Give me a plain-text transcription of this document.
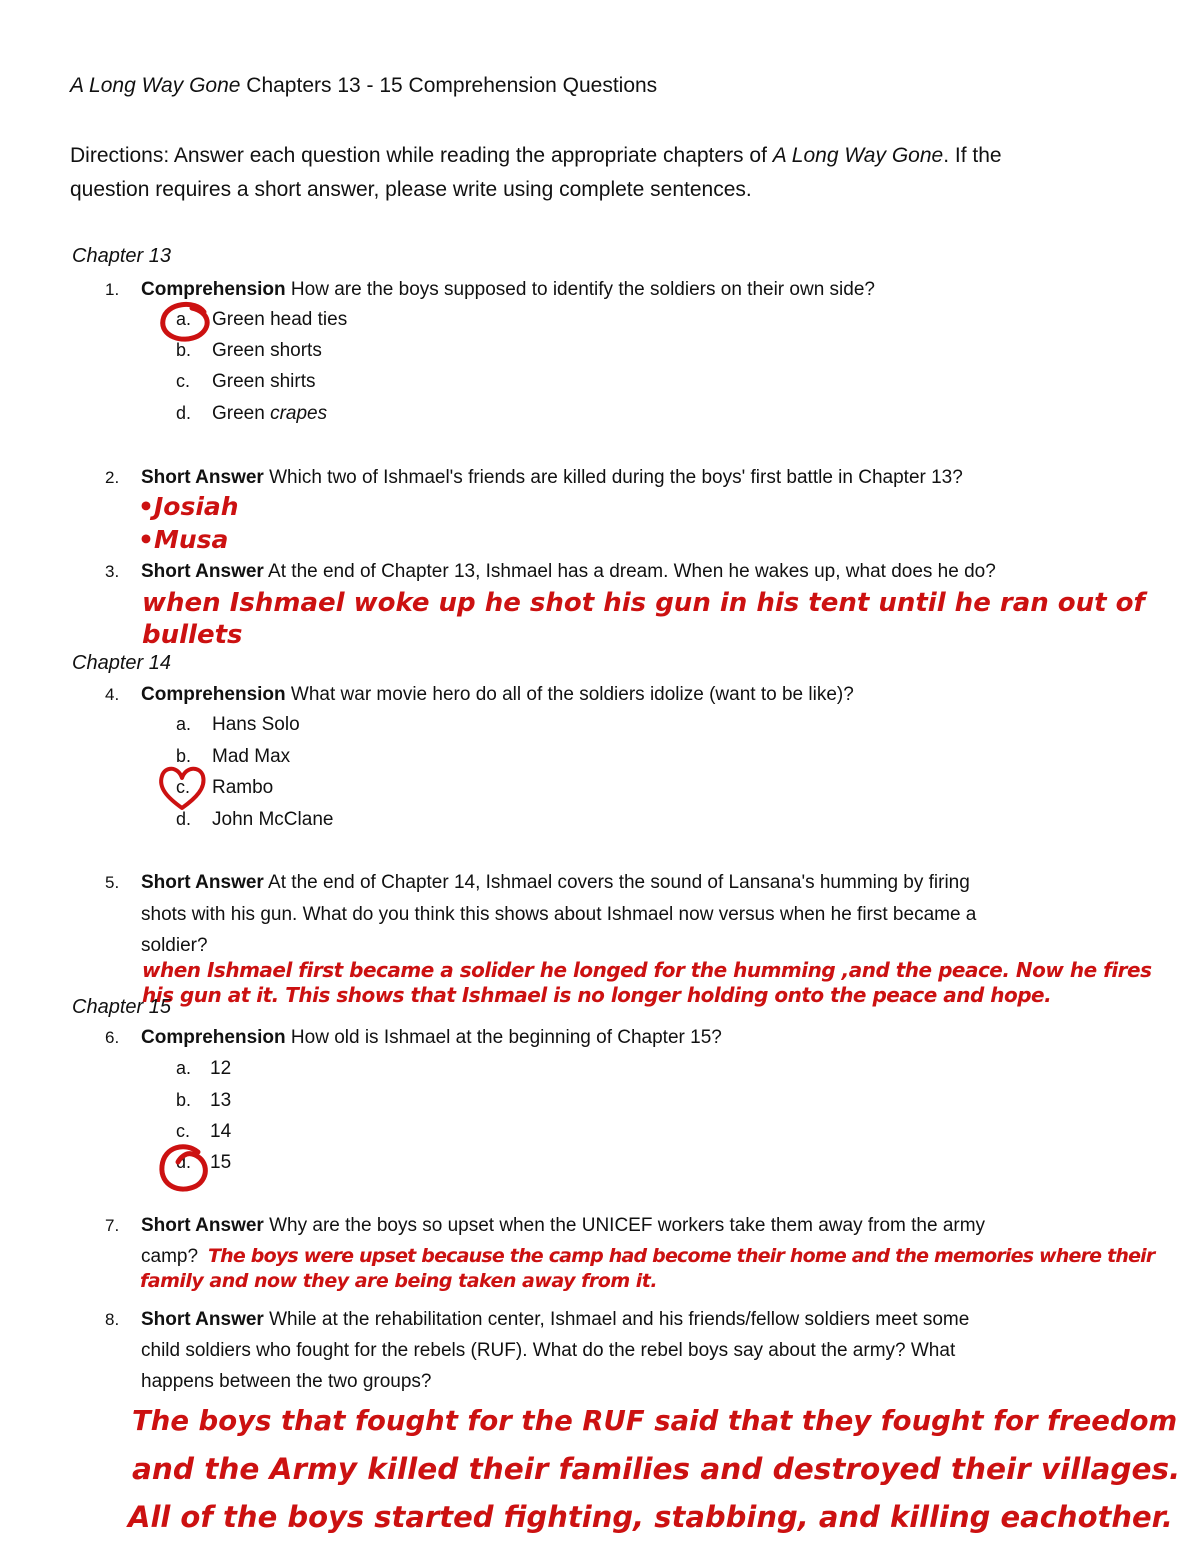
A Long Way Gone Chapters 13 - 15 Comprehension Questions
Directions: Answer each question while reading the appropriate chapters of A Long Way Gone. If the
question requires a short answer, please write using complete sentences.
Chapter 13
1. Comprehension How are the boys supposed to identify the soldiers on their own side?
a. Green head ties
b. Green shorts
c. Green shirts
d. Green crapes
2. Short Answer Which two of Ishmael's friends are killed during the boys' first battle in Chapter 13?
•Josiah
•Musa
3. Short Answer At the end of Chapter 13, Ishmael has a dream. When he wakes up, what does he do?
when Ishmael woke up he shot his gun in his tent until he ran out of
bullets
Chapter 14
4. Comprehension What war movie hero do all of the soldiers idolize (want to be like)?
a. Hans Solo
b. Mad Max
c. Rambo
d. John McClane
5. Short Answer At the end of Chapter 14, Ishmael covers the sound of Lansana's humming by firing
shots with his gun. What do you think this shows about Ishmael now versus when he first became a
soldier?
when Ishmael first became a solider he longed for the humming ,and the peace. Now he fires
his gun at it. This shows that Ishmael is no longer holding onto the peace and hope.
Chapter 15
6. Comprehension How old is Ishmael at the beginning of Chapter 15?
a. 12
b. 13
c. 14
d. 15
7. Short Answer Why are the boys so upset when the UNICEF workers take them away from the army
camp? The boys were upset because the camp had become their home and the memories where their
family and now they are being taken away from it.
8. Short Answer While at the rehabilitation center, Ishmael and his friends/fellow soldiers meet some
child soldiers who fought for the rebels (RUF). What do the rebel boys say about the army? What
happens between the two groups?
The boys that fought for the RUF said that they fought for freedom
and the Army killed their families and destroyed their villages.
All of the boys started fighting, stabbing, and killing eachother.
